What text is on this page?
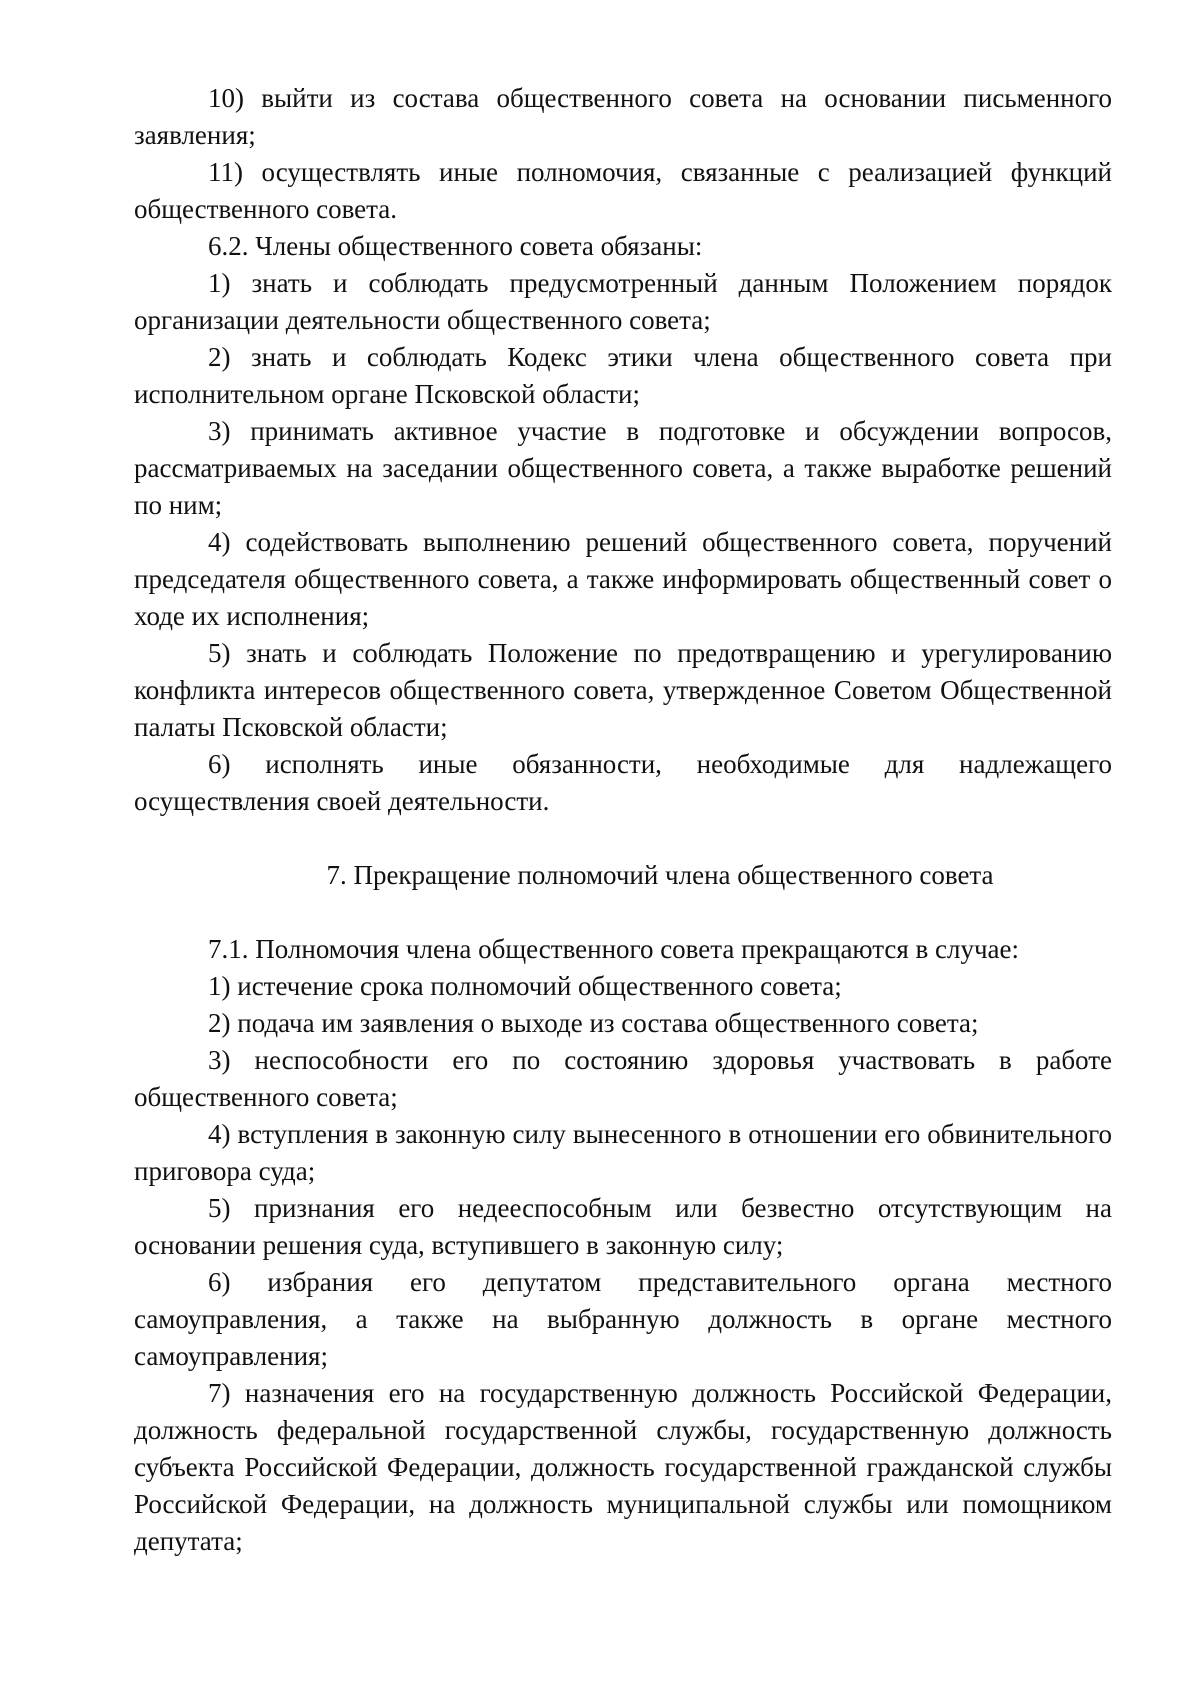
10) выйти из состава общественного совета на основании письменного заявления;

11) осуществлять иные полномочия, связанные с реализацией функций общественного совета.

6.2. Члены общественного совета обязаны:

1) знать и соблюдать предусмотренный данным Положением порядок организации деятельности общественного совета;

2) знать и соблюдать Кодекс этики члена общественного совета при исполнительном органе Псковской области;

3) принимать активное участие в подготовке и обсуждении вопросов, рассматриваемых на заседании общественного совета, а также выработке решений по ним;

4) содействовать выполнению решений общественного совета, поручений председателя общественного совета, а также информировать общественный совет о ходе их исполнения;

5) знать и соблюдать Положение по предотвращению и урегулированию конфликта интересов общественного совета, утвержденное Советом Общественной палаты Псковской области;

6) исполнять иные обязанности, необходимые для надлежащего осуществления своей деятельности.

7. Прекращение полномочий члена общественного совета

7.1. Полномочия члена общественного совета прекращаются в случае:

1) истечение срока полномочий общественного совета;

2) подача им заявления о выходе из состава общественного совета;

3) неспособности его по состоянию здоровья участвовать в работе общественного совета;

4) вступления в законную силу вынесенного в отношении его обвинительного приговора суда;

5) признания его недееспособным или безвестно отсутствующим на основании решения суда, вступившего в законную силу;

6) избрания его депутатом представительного органа местного самоуправления, а также на выбранную должность в органе местного самоуправления;

7) назначения его на государственную должность Российской Федерации, должность федеральной государственной службы, государственную должность субъекта Российской Федерации, должность государственной гражданской службы Российской Федерации, на должность муниципальной службы или помощником депутата;
